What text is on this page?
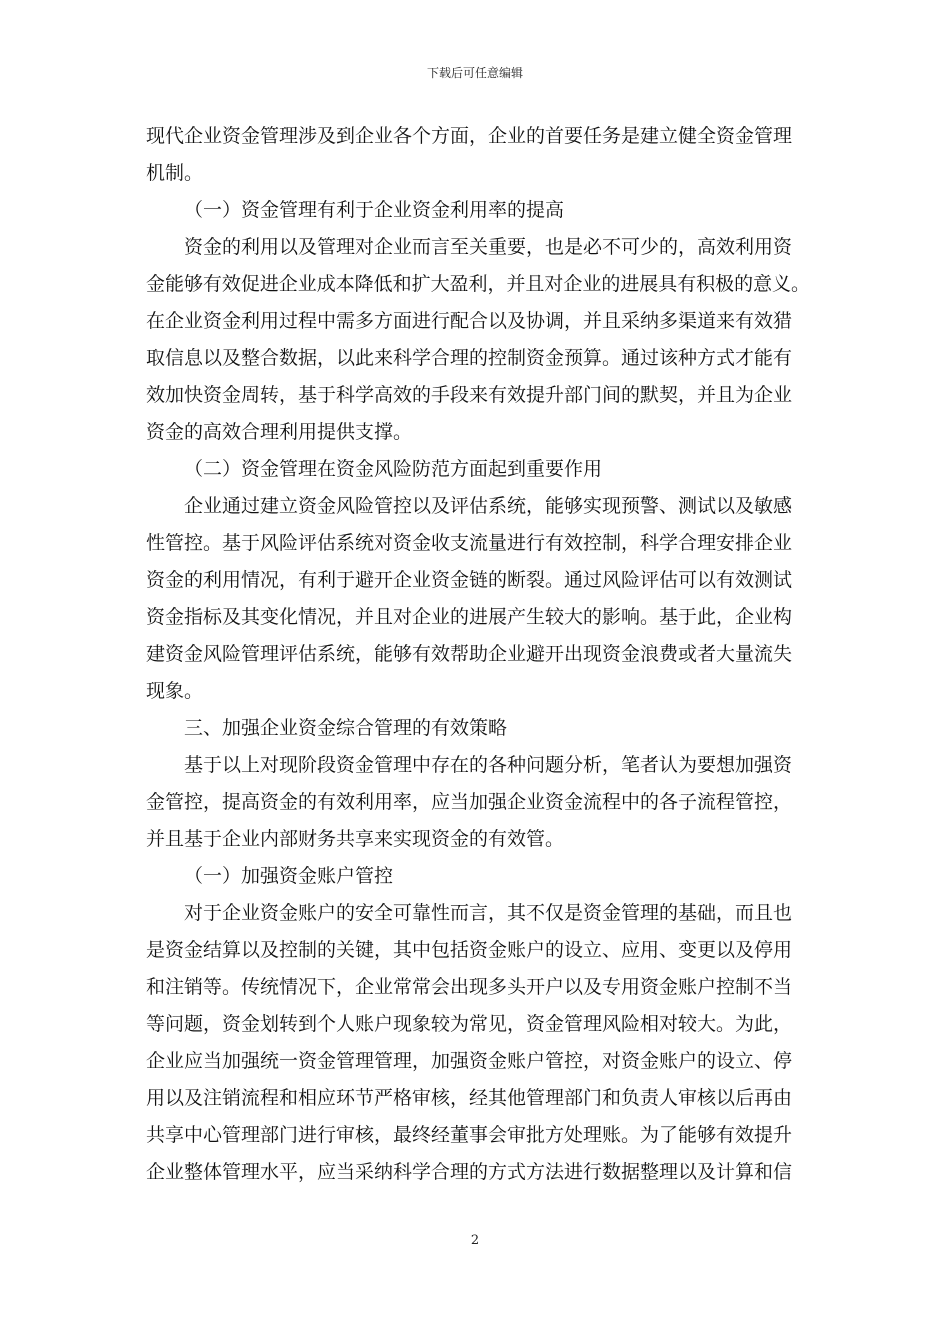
下载后可任意编辑
现代企业资金管理涉及到企业各个方面，企业的首要任务是建立健全资金管理
机制。
（一）资金管理有利于企业资金利用率的提高
资金的利用以及管理对企业而言至关重要，也是必不可少的，高效利用资
金能够有效促进企业成本降低和扩大盈利，并且对企业的进展具有积极的意义。
在企业资金利用过程中需多方面进行配合以及协调，并且采纳多渠道来有效猎
取信息以及整合数据，以此来科学合理的控制资金预算。通过该种方式才能有
效加快资金周转，基于科学高效的手段来有效提升部门间的默契，并且为企业
资金的高效合理利用提供支撑。
（二）资金管理在资金风险防范方面起到重要作用
企业通过建立资金风险管控以及评估系统，能够实现预警、测试以及敏感
性管控。基于风险评估系统对资金收支流量进行有效控制，科学合理安排企业
资金的利用情况，有利于避开企业资金链的断裂。通过风险评估可以有效测试
资金指标及其变化情况，并且对企业的进展产生较大的影响。基于此，企业构
建资金风险管理评估系统，能够有效帮助企业避开出现资金浪费或者大量流失
现象。
三、加强企业资金综合管理的有效策略
基于以上对现阶段资金管理中存在的各种问题分析，笔者认为要想加强资
金管控，提高资金的有效利用率，应当加强企业资金流程中的各子流程管控，
并且基于企业内部财务共享来实现资金的有效管。
（一）加强资金账户管控
对于企业资金账户的安全可靠性而言，其不仅是资金管理的基础，而且也
是资金结算以及控制的关键，其中包括资金账户的设立、应用、变更以及停用
和注销等。传统情况下，企业常常会出现多头开户以及专用资金账户控制不当
等问题，资金划转到个人账户现象较为常见，资金管理风险相对较大。为此，
企业应当加强统一资金管理管理，加强资金账户管控，对资金账户的设立、停
用以及注销流程和相应环节严格审核，经其他管理部门和负责人审核以后再由
共享中心管理部门进行审核，最终经董事会审批方处理账。为了能够有效提升
企业整体管理水平，应当采纳科学合理的方式方法进行数据整理以及计算和信
2
